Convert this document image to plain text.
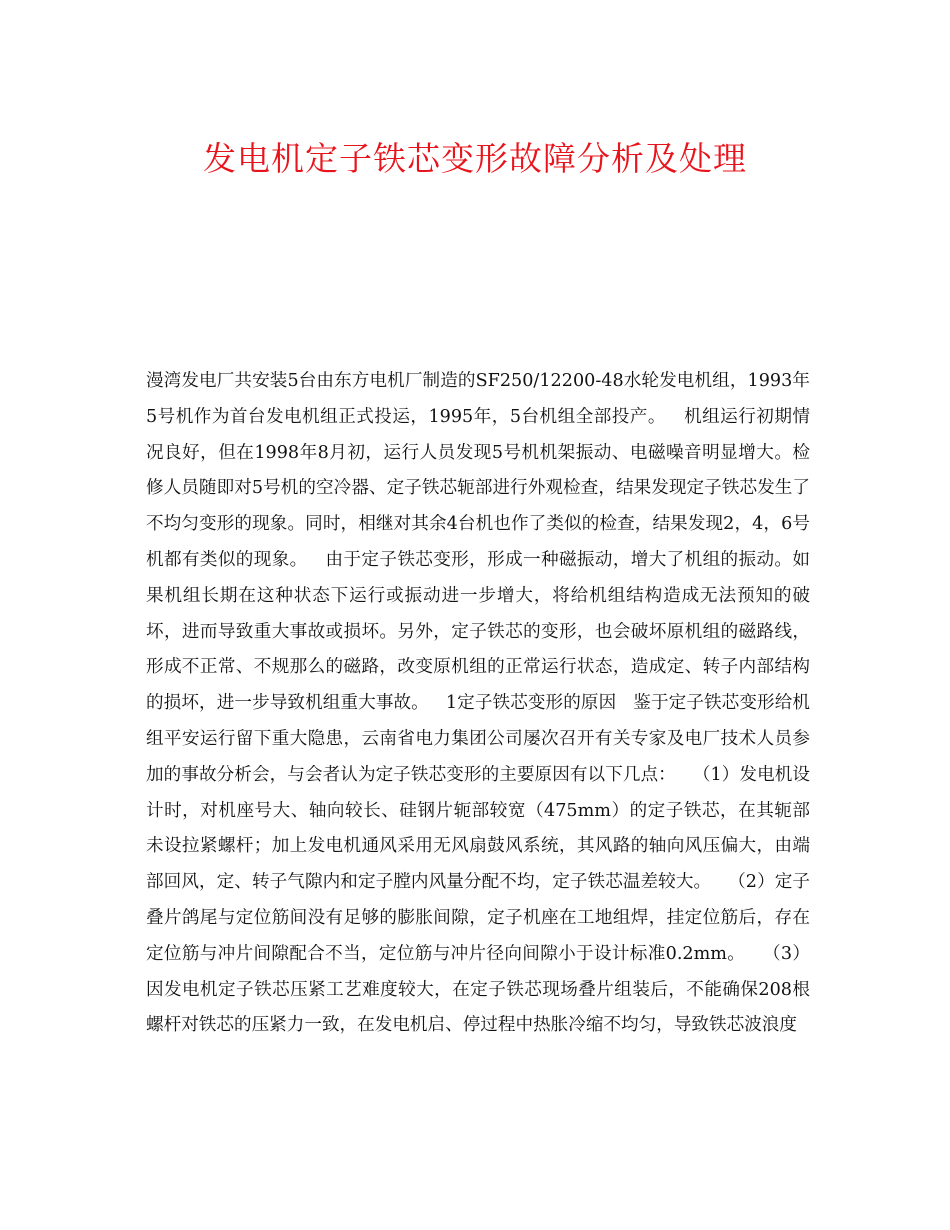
发电机定子铁芯变形故障分析及处理

漫湾发电厂共安装5台由东方电机厂制造的SF250/12200-48水轮发电机组，1993年5号机作为首台发电机组正式投运，1995年，5台机组全部投产。   机组运行初期情况良好，但在1998年8月初，运行人员发现5号机机架振动、电磁噪音明显增大。检修人员随即对5号机的空冷器、定子铁芯轭部进行外观检查，结果发现定子铁芯发生了不均匀变形的现象。同时，相继对其余4台机也作了类似的检查，结果发现2，4，6号机都有类似的现象。   由于定子铁芯变形，形成一种磁振动，增大了机组的振动。如果机组长期在这种状态下运行或振动进一步增大，将给机组结构造成无法预知的破坏，进而导致重大事故或损坏。另外，定子铁芯的变形，也会破坏原机组的磁路线，形成不正常、不规那么的磁路，改变原机组的正常运行状态，造成定、转子内部结构的损坏，进一步导致机组重大事故。   1定子铁芯变形的原因   鉴于定子铁芯变形给机组平安运行留下重大隐患，云南省电力集团公司屡次召开有关专家及电厂技术人员参加的事故分析会，与会者认为定子铁芯变形的主要原因有以下几点：   （1）发电机设计时，对机座号大、轴向较长、硅钢片轭部较宽（475mm）的定子铁芯，在其轭部未设拉紧螺杆；加上发电机通风采用无风扇鼓风系统，其风路的轴向风压偏大，由端部回风，定、转子气隙内和定子膛内风量分配不均，定子铁芯温差较大。   （2）定子叠片鸽尾与定位筋间没有足够的膨胀间隙，定子机座在工地组焊，挂定位筋后，存在定位筋与冲片间隙配合不当，定位筋与冲片径向间隙小于设计标准0.2mm。   （3）因发电机定子铁芯压紧工艺难度较大，在定子铁芯现场叠片组装后，不能确保208根螺杆对铁芯的压紧力一致，在发电机启、停过程中热胀冷缩不均匀，导致铁芯波浪度
